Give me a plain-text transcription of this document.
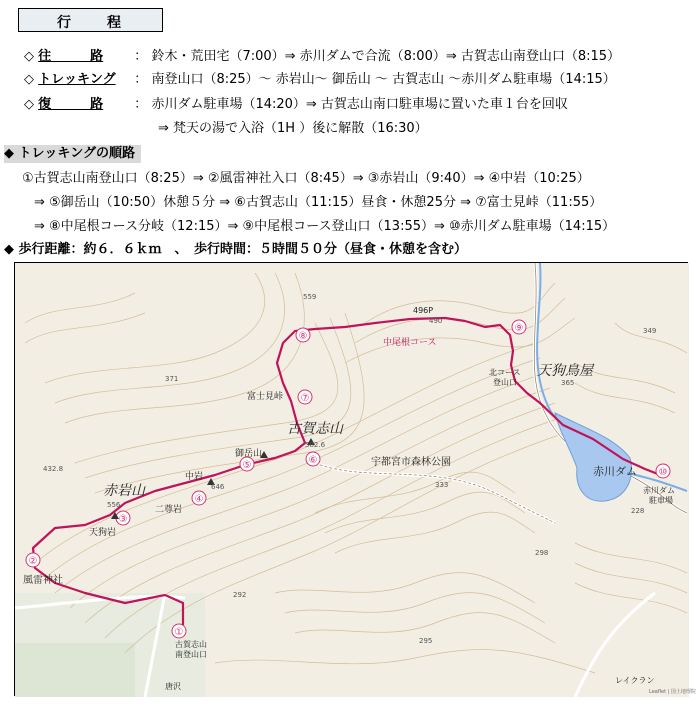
行	程
◇ 往　　　路 ： 鈴木・荒田宅（7:00）⇒ 赤川ダムで合流（8:00）⇒ 古賀志山南登山口（8:15）
◇ トレッキング ： 南登山口（8:25）～ 赤岩山～ 御岳山 ～ 古賀志山 ～赤川ダム駐車場（14:15）
◇ 復　　　路 ： 赤川ダム駐車場（14:20）⇒ 古賀志山南口駐車場に置いた車１台を回収
⇒ 梵天の湯で入浴（1H ）後に解散（16:30）
◆ トレッキングの順路
①古賀志山南登山口（8:25）⇒ ②風雷神社入口（8:45）⇒ ③赤岩山（9:40）⇒ ④中岩（10:25）
⇒ ⑤御岳山（10:50）休憩５分 ⇒ ⑥古賀志山（11:15）昼食・休憩25分 ⇒ ⑦富士見峠（11:55）
⇒ ⑧中尾根コース分岐（12:15）⇒ ⑨中尾根コース登山口（13:55）⇒ ⑩赤川ダム駐車場（14:15）
◆ 歩行距離：約６．６ｋｍ　、　歩行時間：５時間５０分（昼食・休憩を含む）
①
②
③
④
⑤	⑥
⑦
⑧
⑨
⑩
赤岩山
古賀志山
天狗鳥屋
赤川ダム
宇都宮市森林公園
中尾根コース
富士見峠
御岳山
中岩
二尊岩
天狗岩
風雷神社
古賀志山
南登山口
北コース
登山口
赤川ダム
駐車場
唐沢
レイクラン
496P
559
349
371	365
582.6
646
432.8
556
333
298
292
295
228
490
Leaflet | 国土地理院
